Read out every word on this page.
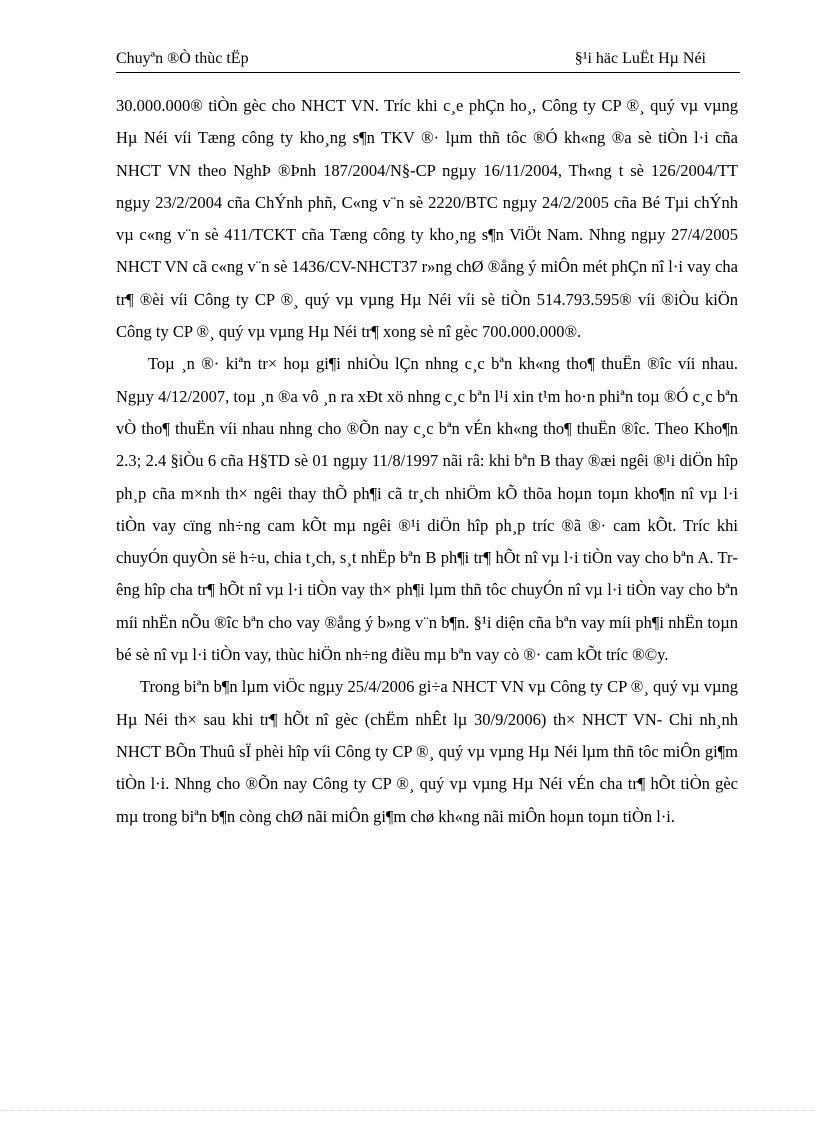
Chuyªn ®Ò thùc tËp	§¹i häc LuËt Hµ Néi

30.000.000® tiÒn gèc cho NHCT VN. Tríc khi c¸e phÇn ho¸, Công ty CP ®¸ quý vµ vµng Hµ Néi víi Tæng công ty kho¸ng s¶n TKV ®· lµm thñ tôc ®Ó kh«ng ®a sè tiÒn l·i cña NHCT VN theo NghÞ ®Þnh 187/2004/N§-CP ngµy 16/11/2004, Th«ng t sè 126/2004/TT ngµy 23/2/2004 cña ChÝnh phñ, C«ng v¨n sè 2220/BTC ngµy 24/2/2005 cña Bé Tµi chÝnh vµ c«ng v¨n sè 411/TCKT cña Tæng công ty kho¸ng s¶n ViÖt Nam. Nhng ngµy 27/4/2005 NHCT VN cã c«ng v¨n sè 1436/CV-NHCT37 r»ng chØ ®ång ý miÔn mét phÇn nî l·i vay cha tr¶ ®èi víi Công ty CP ®¸ quý vµ vµng Hµ Néi víi sè tiÒn 514.793.595® víi ®iÒu kiÖn Công ty CP ®¸ quý vµ vµng Hµ Néi tr¶ xong sè nî gèc 700.000.000®.

Toµ ¸n ®· kiªn tr× hoµ gi¶i nhiÒu lÇn nhng c¸c bªn kh«ng tho¶ thuËn ®îc víi nhau. Ngµy 4/12/2007, toµ ¸n ®a vô ¸n ra xÐt xö nhng c¸c bªn l¹i xin t¹m ho·n phiªn toµ ®Ó c¸c bªn vÒ tho¶ thuËn víi nhau nhng cho ®Õn nay c¸c bªn vÉn kh«ng tho¶ thuËn ®îc. Theo Kho¶n 2.3; 2.4 §iÒu 6 cña H§TD sè 01 ngµy 11/8/1997 nãi râ: khi bªn B thay ®æi ngêi ®¹i diÖn hîp ph¸p cña m×nh th× ngêi thay thÕ ph¶i cã tr¸ch nhiÖm kÕ thõa hoµn toµn kho¶n nî vµ l·i tiÒn vay cïng nh÷ng cam kÕt mµ ngêi ®¹i diÖn hîp ph¸p tríc ®ã ®· cam kÕt. Tríc khi chuyÓn quyÒn së h÷u, chia t¸ch, s¸t nhËp bªn B ph¶i tr¶ hÕt nî vµ l·i tiÒn vay cho bªn A. Trêng hîp cha tr¶ hÕt nî vµ l·i tiÒn vay th× ph¶i lµm thñ tôc chuyÓn nî vµ l·i tiÒn vay cho bªn míi nhËn nÕu ®îc bªn cho vay ®ång ý b»ng v¨n b¶n. §¹i diện cña bªn vay míi ph¶i nhËn toµn bé sè nî vµ l·i tiÒn vay, thùc hiÖn nh÷ng điều mµ bªn vay cò ®· cam kÕt tríc ®©y.

Trong biªn b¶n lµm viÖc ngµy 25/4/2006 gi÷a NHCT VN vµ Công ty CP ®¸ quý vµ vµng Hµ Néi th× sau khi tr¶ hÕt nî gèc (chËm nhÊt lµ 30/9/2006) th× NHCT VN- Chi nh¸nh NHCT BÕn Thuû sÏ phèi hîp víi Công ty CP ®¸ quý vµ vµng Hµ Néi lµm thñ tôc miÔn gi¶m tiÒn l·i. Nhng cho ®Õn nay Công ty CP ®¸ quý vµ vµng Hµ Néi vÉn cha tr¶ hÕt tiÒn gèc mµ trong biªn b¶n còng chØ nãi miÔn gi¶m chø kh«ng nãi miÔn hoµn toµn tiÒn l·i.
